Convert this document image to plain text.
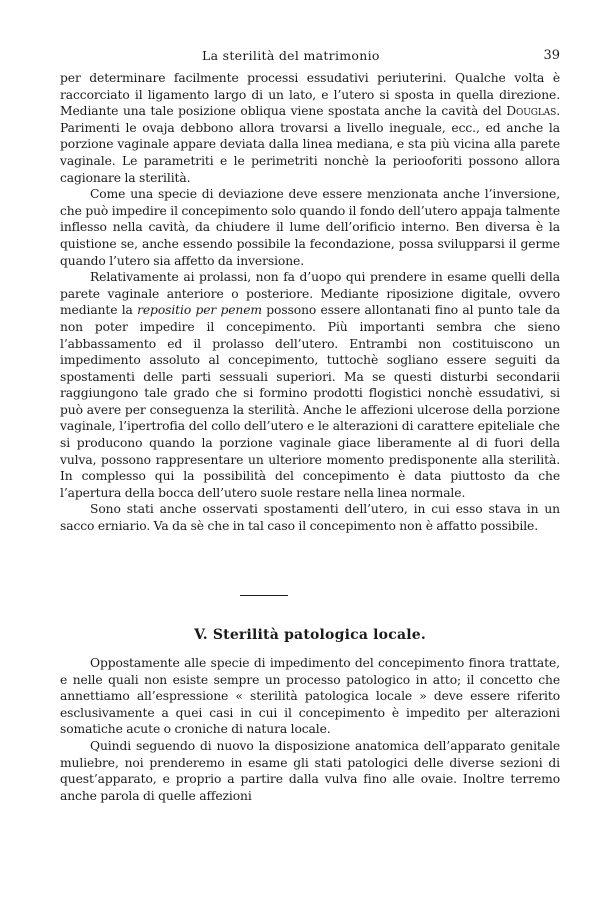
La sterilità del matrimonio	39

per determinare facilmente processi essudativi periuterini. Qualche volta è raccorciato il ligamento largo di un lato, e l’utero si sposta in quella direzione. Mediante una tale posizione obliqua viene spostata anche la cavità del Douglas. Parimenti le ovaja debbono allora trovarsi a livello ineguale, ecc., ed anche la porzione vaginale appare deviata dalla linea mediana, e sta più vicina alla parete vaginale. Le parametriti e le perimetriti nonchè la periooforiti possono allora cagionare la sterilità.

Come una specie di deviazione deve essere menzionata anche l’inversione, che può impedire il concepimento solo quando il fondo dell’utero appaja talmente inflesso nella cavità, da chiudere il lume dell’orificio interno. Ben diversa è la quistione se, anche essendo possibile la fecondazione, possa svilupparsi il germe quando l’utero sia affetto da inversione.

Relativamente ai prolassi, non fa d’uopo qui prendere in esame quelli della parete vaginale anteriore o posteriore. Mediante riposizione digitale, ovvero mediante la repositio per penem possono essere allontanati fino al punto tale da non poter impedire il concepimento. Più importanti sembra che sieno l’abbassamento ed il prolasso dell’utero. Entrambi non costituiscono un impedimento assoluto al concepimento, tuttochè sogliano essere seguiti da spostamenti delle parti sessuali superiori. Ma se questi disturbi secondarii raggiungono tale grado che si formino prodotti flogistici nonchè essudativi, si può avere per conseguenza la sterilità. Anche le affezioni ulcerose della porzione vaginale, l’ipertrofia del collo dell’utero e le alterazioni di carattere epiteliale che si producono quando la porzione vaginale giace liberamente al di fuori della vulva, possono rappresentare un ulteriore momento predisponente alla sterilità. In complesso qui la possibilità del concepimento è data piuttosto da che l’apertura della bocca dell’utero suole restare nella linea normale.

Sono stati anche osservati spostamenti dell’utero, in cui esso stava in un sacco erniario. Va da sè che in tal caso il concepimento non è affatto possibile.

V. Sterilità patologica locale.

Oppostamente alle specie di impedimento del concepimento finora trattate, e nelle quali non esiste sempre un processo patologico in atto; il concetto che annettiamo all’espressione « sterilità patologica locale » deve essere riferito esclusivamente a quei casi in cui il concepimento è impedito per alterazioni somatiche acute o croniche di natura locale.

Quindi seguendo di nuovo la disposizione anatomica dell’apparato genitale muliebre, noi prenderemo in esame gli stati patologici delle diverse sezioni di quest’apparato, e propriо a partire dalla vulva fino alle ovaie. Inoltre terremo anche parola di quelle affezioni
